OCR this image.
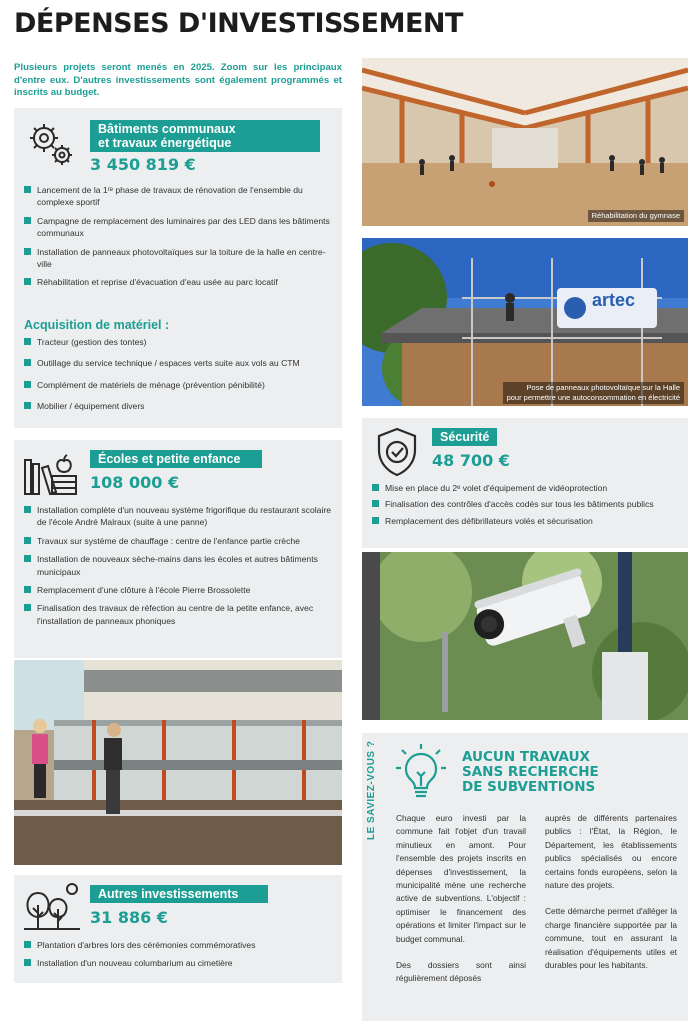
DÉPENSES D'INVESTISSEMENT

Plusieurs projets seront menés en 2025. Zoom sur les principaux d'entre eux. D'autres investissements sont également programmés et inscrits au budget.

Bâtiments communaux
et travaux énergétique
3 450 819 €
Lancement de la 1ʳᵉ phase de travaux de rénovation de l'ensemble du complexe sportif
Campagne de remplacement des luminaires par des LED dans les bâtiments communaux
Installation de panneaux photovoltaïques sur la toiture de la halle en centre-ville
Réhabilitation et reprise d'évacuation d'eau usée au parc locatif
Acquisition de matériel :
Tracteur (gestion des tontes)
Outillage du service technique / espaces verts suite aux vols au CTM
Complément de matériels de ménage (prévention pénibilité)
Mobilier / équipement divers
Écoles et petite enfance
108 000 €
Installation complète d'un nouveau système frigorifique du restaurant scolaire de l'école André Malraux (suite à une panne)
Travaux sur système de chauffage : centre de l'enfance partie crèche
Installation de nouveaux sèche-mains dans les écoles et autres bâtiments municipaux
Remplacement d'une clôture à l'école Pierre Brossolette
Finalisation des travaux de réfection au centre de la petite enfance, avec l'installation de panneaux phoniques
Autres investissements
31 886 €
Plantation d'arbres lors des cérémonies commémoratives
Installation d'un nouveau columbarium au cimetière
Réhabilitation du gymnase
artec
Pose de panneaux photovoltaïque sur la Halle
pour permettre une autoconsommation en électricité
Sécurité
48 700 €
Mise en place du 2ᵉ volet d'équipement de vidéoprotection
Finalisation des contrôles d'accès codés sur tous les bâtiments publics
Remplacement des défibrillateurs volés et sécurisation
LE SAVIEZ-VOUS ?	AUCUN TRAVAUX
SANS RECHERCHE
DE SUBVENTIONS

Chaque euro investi par la commune fait l'objet d'un travail minutieux en amont. Pour l'ensemble des projets inscrits en dépenses d'investissement, la municipalité mène une recherche active de subventions. L'objectif : optimiser le financement des opérations et limiter l'impact sur le budget communal.

Des dossiers sont ainsi régulièrement déposés

auprès de différents partenaires publics : l'État, la Région, le Département, les établissements publics spécialisés ou encore certains fonds européens, selon la nature des projets.

Cette démarche permet d'alléger la charge financière supportée par la commune, tout en assurant la réalisation d'équipements utiles et durables pour les habitants.
